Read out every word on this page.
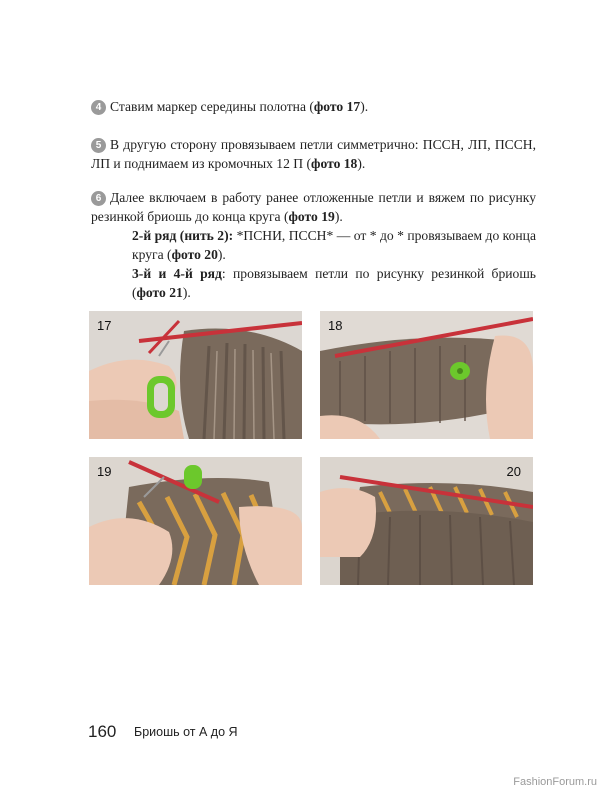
4 Ставим маркер середины полотна (фото 17).

5 В другую сторону провязываем петли симметрично: ПССН, ЛП, ПССН, ЛП и поднимаем из кромочных 12 П (фото 18).

6 Далее включаем в работу ранее отложенные петли и вяжем по рисунку резинкой бриошь до конца круга (фото 19).

2-й ряд (нить 2): *ПСНИ, ПССН* — от * до * провязываем до конца круга (фото 20).

3-й и 4-й ряд: провязываем петли по рисунку резинкой бриошь (фото 21).

17	18
19	20
160 Бриошь от А до Я
FashionForum.ru
